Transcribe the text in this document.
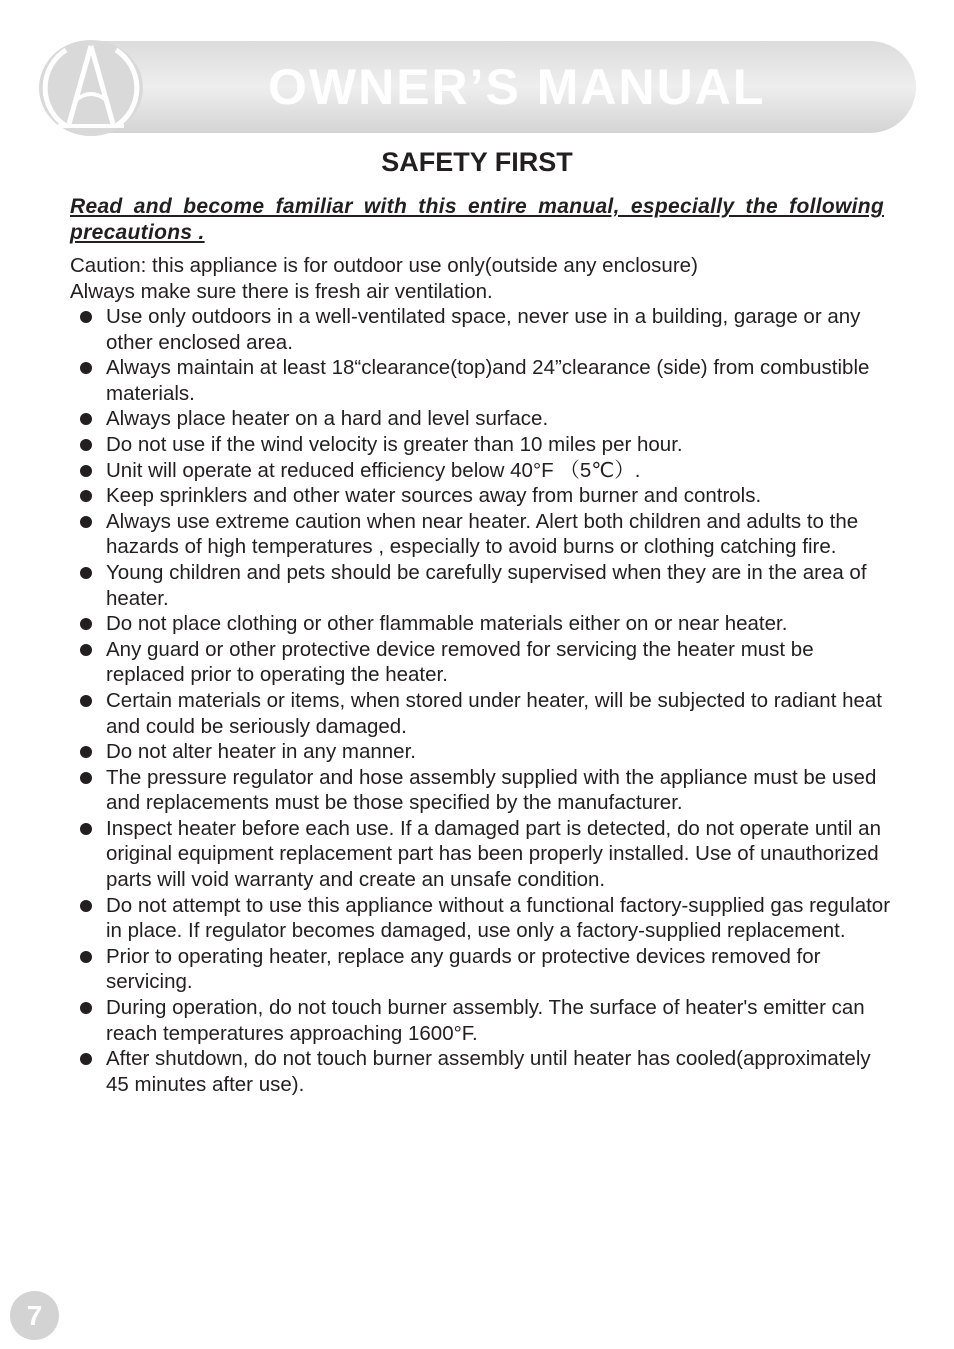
OWNER’S MANUAL
SAFETY FIRST

Read and become familiar with this entire manual, especially the following precautions .

Caution: this appliance is for outdoor use only(outside any enclosure)
Always make sure there is fresh air ventilation.
Use only outdoors in a well-ventilated space, never use in a building, garage or any other enclosed area.
Always maintain at least 18“clearance(top)and 24”clearance (side) from combustible materials.
Always place heater on a hard and level surface.
Do not use if the wind velocity is greater than 10 miles per hour.
Unit will operate at reduced efficiency below 40°F （5℃）.
Keep sprinklers and other water sources away from burner and controls.
Always use extreme caution when near heater. Alert both children and adults to the hazards of high temperatures , especially to avoid burns or clothing catching fire.
Young children and pets should be carefully supervised when they are in the area of heater.
Do not place clothing or other flammable materials either on or near heater.
Any guard or other protective device removed for servicing the heater must be replaced prior to operating the heater.
Certain materials or items, when stored under heater, will be subjected to radiant heat and could be seriously damaged.
Do not alter heater in any manner.
The pressure regulator and hose assembly supplied with the appliance must be used and replacements must be those specified by the manufacturer.
Inspect heater before each use. If a damaged part is detected, do not operate until an original equipment replacement part has been properly installed. Use of unauthorized parts will void warranty and create an unsafe condition.
Do not attempt to use this appliance without a functional factory-supplied gas regulator in place. If regulator becomes damaged, use only a factory-supplied replacement.
Prior to operating heater, replace any guards or protective devices removed for servicing.
During operation, do not touch burner assembly. The surface of heater's emitter can reach temperatures approaching 1600°F.
After shutdown, do not touch burner assembly until heater has cooled(approximately 45 minutes after use).
7
